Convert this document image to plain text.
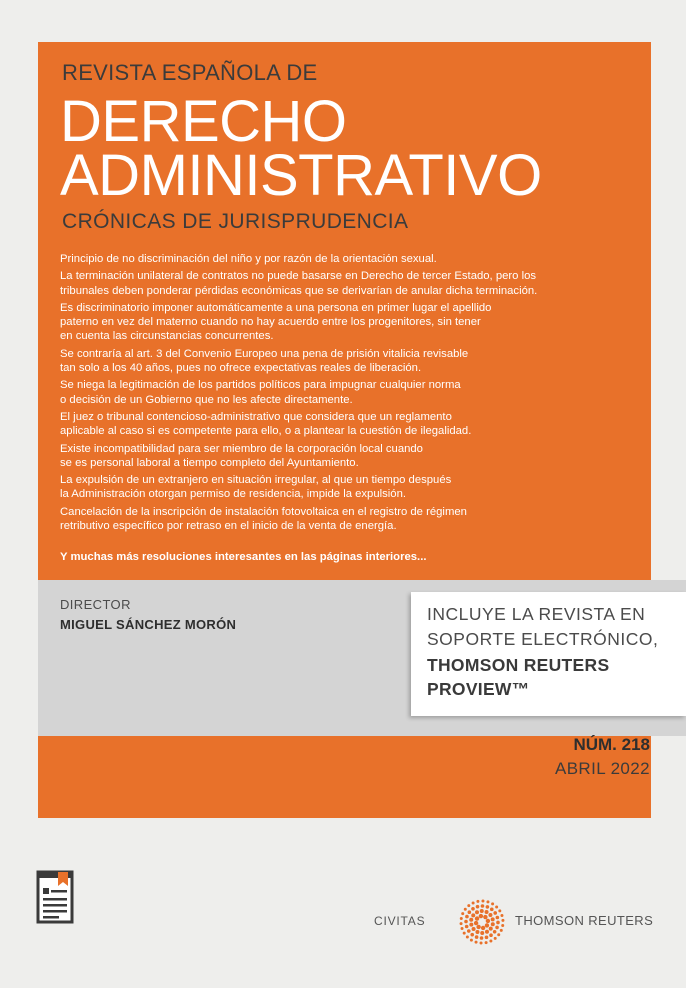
REVISTA ESPAÑOLA DE
DERECHO
ADMINISTRATIVO
CRÓNICAS DE JURISPRUDENCIA
Principio de no discriminación del niño y por razón de la orientación sexual.
La terminación unilateral de contratos no puede basarse en Derecho de tercer Estado, pero los
tribunales deben ponderar pérdidas económicas que se derivarían de anular dicha terminación.
Es discriminatorio imponer automáticamente a una persona en primer lugar el apellido
paterno en vez del materno cuando no hay acuerdo entre los progenitores, sin tener
en cuenta las circunstancias concurrentes.
Se contraría al art. 3 del Convenio Europeo una pena de prisión vitalicia revisable
tan solo a los 40 años, pues no ofrece expectativas reales de liberación.
Se niega la legitimación de los partidos políticos para impugnar cualquier norma
o decisión de un Gobierno que no les afecte directamente.
El juez o tribunal contencioso-administrativo que considera que un reglamento
aplicable al caso si es competente para ello, o a plantear la cuestión de ilegalidad.
Existe incompatibilidad para ser miembro de la corporación local cuando
se es personal laboral a tiempo completo del Ayuntamiento.
La expulsión de un extranjero en situación irregular, al que un tiempo después
la Administración otorgan permiso de residencia, impide la expulsión.
Cancelación de la inscripción de instalación fotovoltaica en el registro de régimen
retributivo específico por retraso en el inicio de la venta de energía.
Y muchas más resoluciones interesantes en las páginas interiores...
DIRECTOR
MIGUEL SÁNCHEZ MORÓN
INCLUYE LA REVISTA EN
SOPORTE ELECTRÓNICO,
THOMSON REUTERS
PROVIEW™
NÚM. 218
ABRIL 2022
CIVITAS	THOMSON REUTERS
